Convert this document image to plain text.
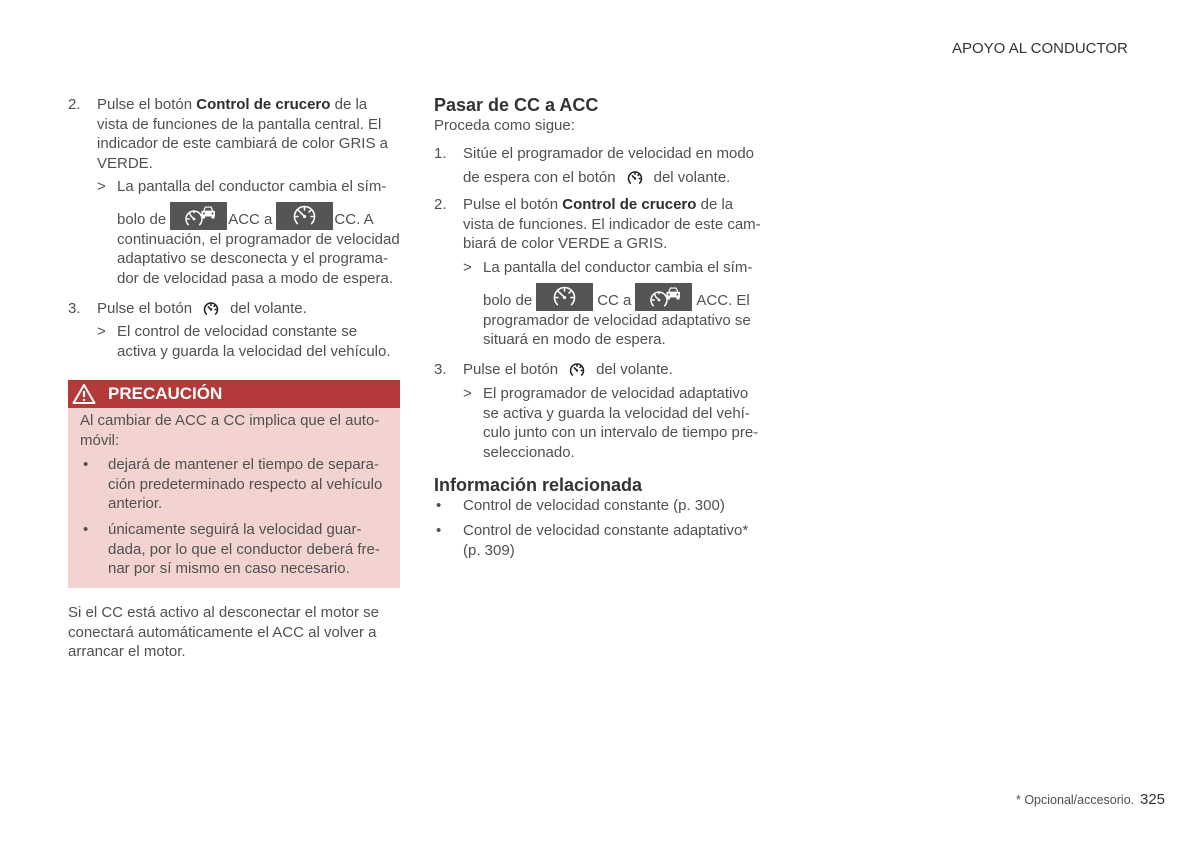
APOYO AL CONDUCTOR
2. Pulse el botón Control de crucero de la
vista de funciones de la pantalla central. El
indicador de este cambiará de color GRIS a
VERDE.
> La pantalla del conductor cambia el sím-
bolo de	ACC a	CC. A
continuación, el programador de velocidad
adaptativo se desconecta y el programa-
dor de velocidad pasa a modo de espera.
3. Pulse el botón	del volante.
> El control de velocidad constante se
activa y guarda la velocidad del vehículo.
PRECAUCIÓN
Al cambiar de ACC a CC implica que el auto-
móvil:
• dejará de mantener el tiempo de separa-
ción predeterminado respecto al vehículo
anterior.
• únicamente seguirá la velocidad guar-
dada, por lo que el conductor deberá fre-
nar por sí mismo en caso necesario.
Si el CC está activo al desconectar el motor se
conectará automáticamente el ACC al volver a
arrancar el motor.
Pasar de CC a ACC
Proceda como sigue:
1. Sitúe el programador de velocidad en modo
de espera con el botón	del volante.
2. Pulse el botón Control de crucero de la
vista de funciones. El indicador de este cam-
biará de color VERDE a GRIS.
> La pantalla del conductor cambia el sím-
bolo de	CC a	ACC. El
programador de velocidad adaptativo se
situará en modo de espera.
3. Pulse el botón	del volante.
> El programador de velocidad adaptativo
se activa y guarda la velocidad del vehí-
culo junto con un intervalo de tiempo pre-
seleccionado.
Información relacionada
• Control de velocidad constante (p. 300)
• Control de velocidad constante adaptativo*
(p. 309)
* Opcional/accesorio. 325
